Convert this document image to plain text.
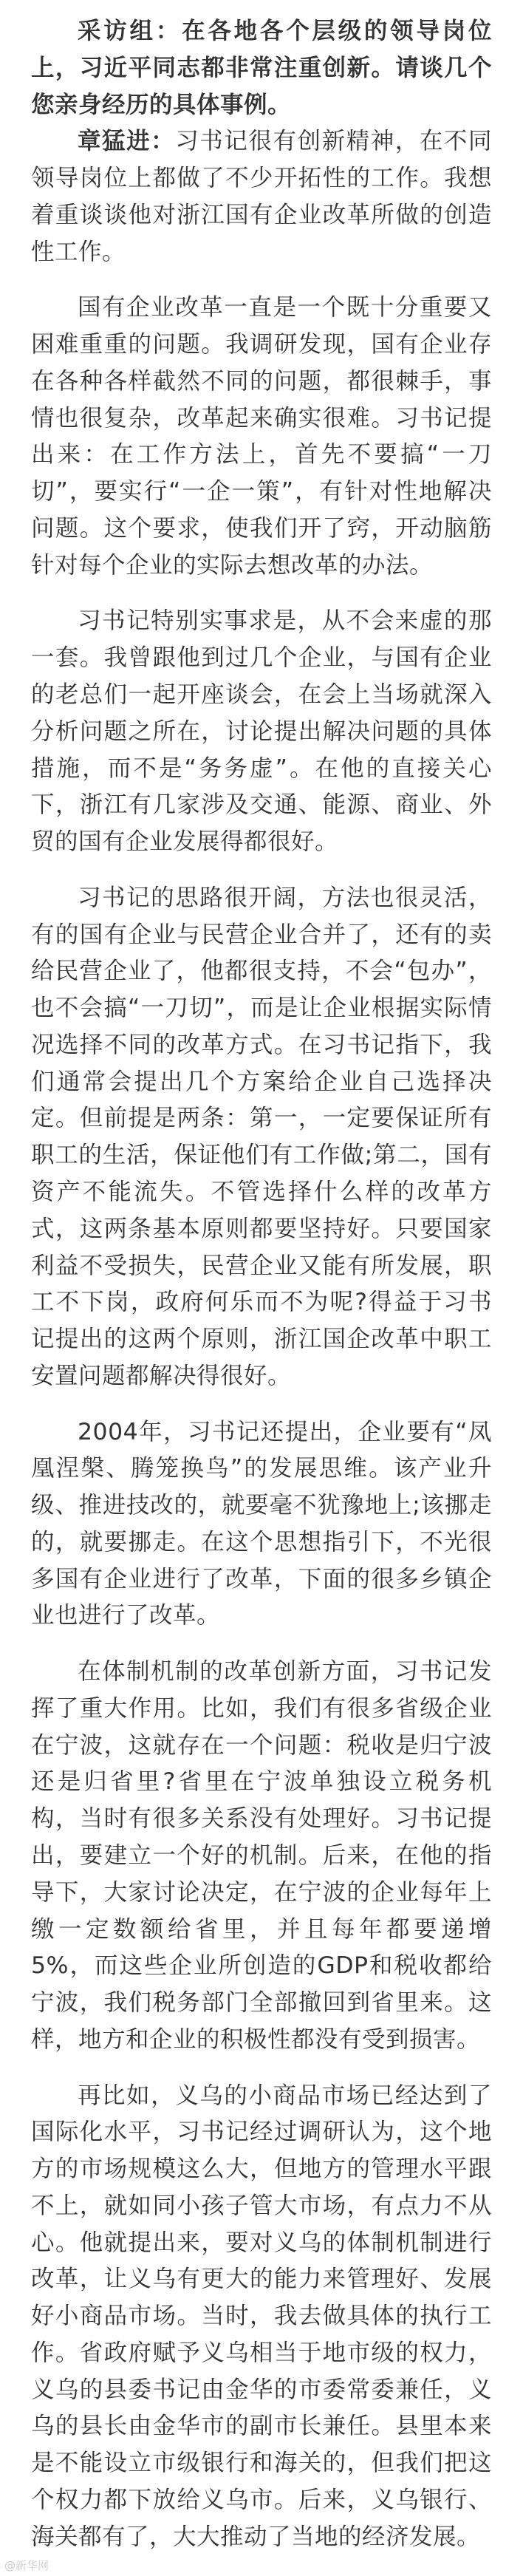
采访组：在各地各个层级的领导岗位上，习近平同志都非常注重创新。请谈几个您亲身经历的具体事例。

章猛进：习书记很有创新精神，在不同领导岗位上都做了不少开拓性的工作。我想着重谈谈他对浙江国有企业改革所做的创造性工作。

国有企业改革一直是一个既十分重要又困难重重的问题。我调研发现，国有企业存在各种各样截然不同的问题，都很棘手，事情也很复杂，改革起来确实很难。习书记提出来：在工作方法上，首先不要搞“一刀切”，要实行“一企一策”，有针对性地解决问题。这个要求，使我们开了窍，开动脑筋针对每个企业的实际去想改革的办法。

习书记特别实事求是，从不会来虚的那一套。我曾跟他到过几个企业，与国有企业的老总们一起开座谈会，在会上当场就深入分析问题之所在，讨论提出解决问题的具体措施，而不是“务务虚”。在他的直接关心下，浙江有几家涉及交通、能源、商业、外贸的国有企业发展得都很好。

习书记的思路很开阔，方法也很灵活，有的国有企业与民营企业合并了，还有的卖给民营企业了，他都很支持，不会“包办”，也不会搞“一刀切”，而是让企业根据实际情况选择不同的改革方式。在习书记指下，我们通常会提出几个方案给企业自己选择决定。但前提是两条：第一，一定要保证所有职工的生活，保证他们有工作做;第二，国有资产不能流失。不管选择什么样的改革方式，这两条基本原则都要坚持好。只要国家利益不受损失，民营企业又能有所发展，职工不下岗，政府何乐而不为呢?得益于习书记提出的这两个原则，浙江国企改革中职工安置问题都解决得很好。

2004年，习书记还提出，企业要有“凤凰涅槃、腾笼换鸟”的发展思维。该产业升级、推进技改的，就要毫不犹豫地上;该挪走的，就要挪走。在这个思想指引下，不光很多国有企业进行了改革，下面的很多乡镇企业也进行了改革。

在体制机制的改革创新方面，习书记发挥了重大作用。比如，我们有很多省级企业在宁波，这就存在一个问题：税收是归宁波还是归省里?省里在宁波单独设立税务机构，当时有很多关系没有处理好。习书记提出，要建立一个好的机制。后来，在他的指导下，大家讨论决定，在宁波的企业每年上缴一定数额给省里，并且每年都要递增5%，而这些企业所创造的GDP和税收都给宁波，我们税务部门全部撤回到省里来。这样，地方和企业的积极性都没有受到损害。

再比如，义乌的小商品市场已经达到了国际化水平，习书记经过调研认为，这个地方的市场规模这么大，但地方的管理水平跟不上，就如同小孩子管大市场，有点力不从心。他就提出来，要对义乌的体制机制进行改革，让义乌有更大的能力来管理好、发展好小商品市场。当时，我去做具体的执行工作。省政府赋予义乌相当于地市级的权力，义乌的县委书记由金华的市委常委兼任，义乌的县长由金华市的副市长兼任。县里本来是不能设立市级银行和海关的，但我们把这个权力都下放给义乌市。后来，义乌银行、海关都有了，大大推动了当地的经济发展。

@新华网
